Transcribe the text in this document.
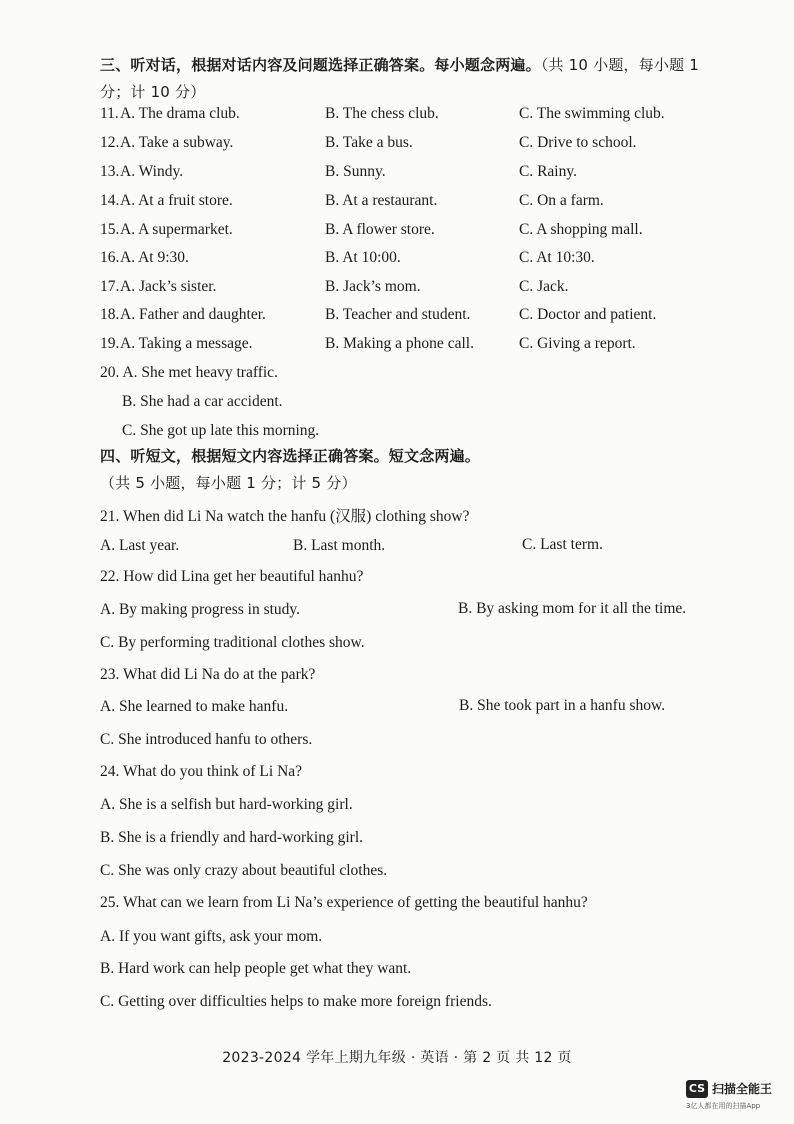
三、听对话，根据对话内容及问题选择正确答案。每小题念两遍。（共 10 小题，每小题 1 分；计 10 分）
11. A. The drama club.	B. The chess club.	C. The swimming club.
12. A. Take a subway.	B. Take a bus.	C. Drive to school.
13. A. Windy.	B. Sunny.	C. Rainy.
14. A. At a fruit store.	B. At a restaurant.	C. On a farm.
15. A. A supermarket.	B. A flower store.	C. A shopping mall.
16. A. At 9:30.	B. At 10:00.	C. At 10:30.
17. A. Jack’s sister.	B. Jack’s mom.	C. Jack.
18. A. Father and daughter.	B. Teacher and student.	C. Doctor and patient.
19. A. Taking a message.	B. Making a phone call.	C. Giving a report.
20. A. She met heavy traffic.
B. She had a car accident.
C. She got up late this morning.
四、听短文，根据短文内容选择正确答案。短文念两遍。（共 5 小题，每小题 1 分；计 5 分）
21. When did Li Na watch the hanfu (汉服) clothing show?
A. Last year.	B. Last month.	C. Last term.
22. How did Lina get her beautiful hanhu?
A. By making progress in study.	B. By asking mom for it all the time.
C. By performing traditional clothes show.
23. What did Li Na do at the park?
A. She learned to make hanfu.	B. She took part in a hanfu show.
C. She introduced hanfu to others.
24. What do you think of Li Na?
A. She is a selfish but hard-working girl.
B. She is a friendly and hard-working girl.
C. She was only crazy about beautiful clothes.
25. What can we learn from Li Na’s experience of getting the beautiful hanhu?
A. If you want gifts, ask your mom.
B. Hard work can help people get what they want.
C. Getting over difficulties helps to make more foreign friends.
2023-2024 学年上期九年级 · 英语 · 第 2 页 共 12 页
CS 扫描全能王
3亿人都在用的扫描App
